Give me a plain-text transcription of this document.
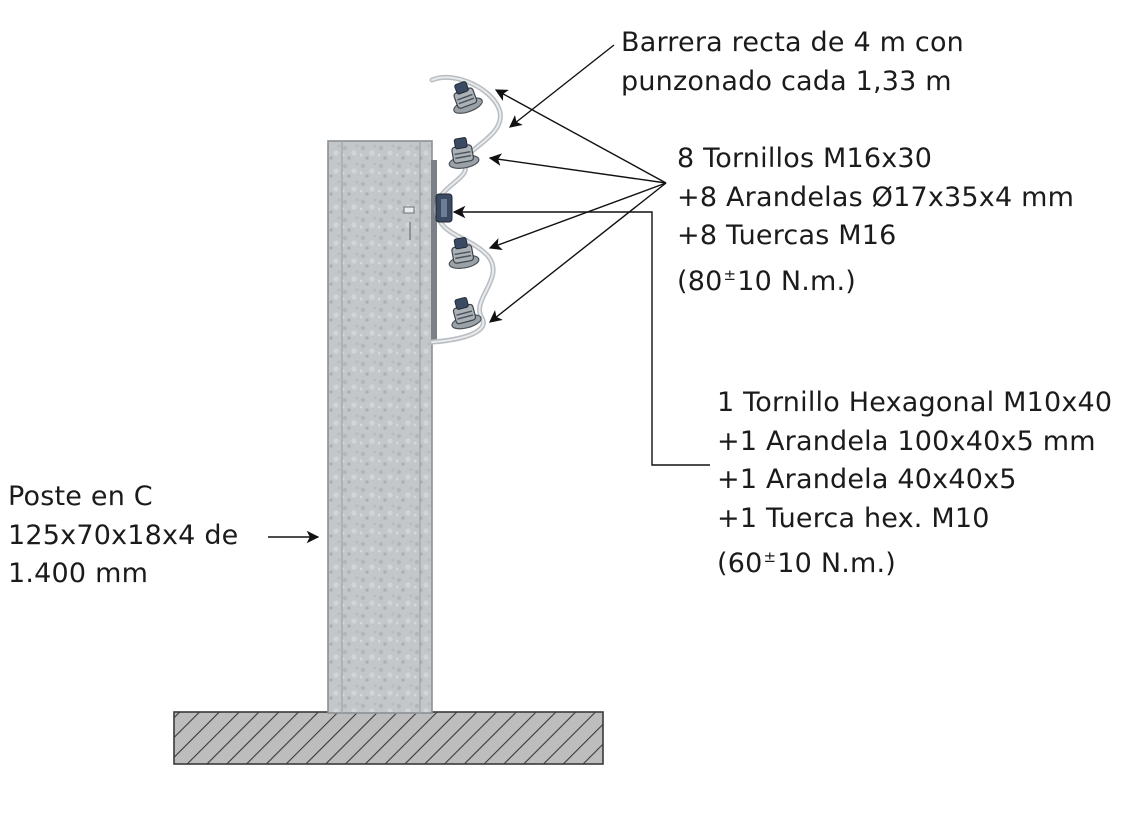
Barrera recta de 4 m con
punzonado cada 1,33 m
8 Tornillos M16x30
+8 Arandelas Ø17x35x4 mm
+8 Tuercas M16
(80±10 N.m.)
1 Tornillo Hexagonal M10x40
+1 Arandela 100x40x5 mm
+1 Arandela 40x40x5
+1 Tuerca hex. M10
(60±10 N.m.)
Poste en C
125x70x18x4 de
1.400 mm
